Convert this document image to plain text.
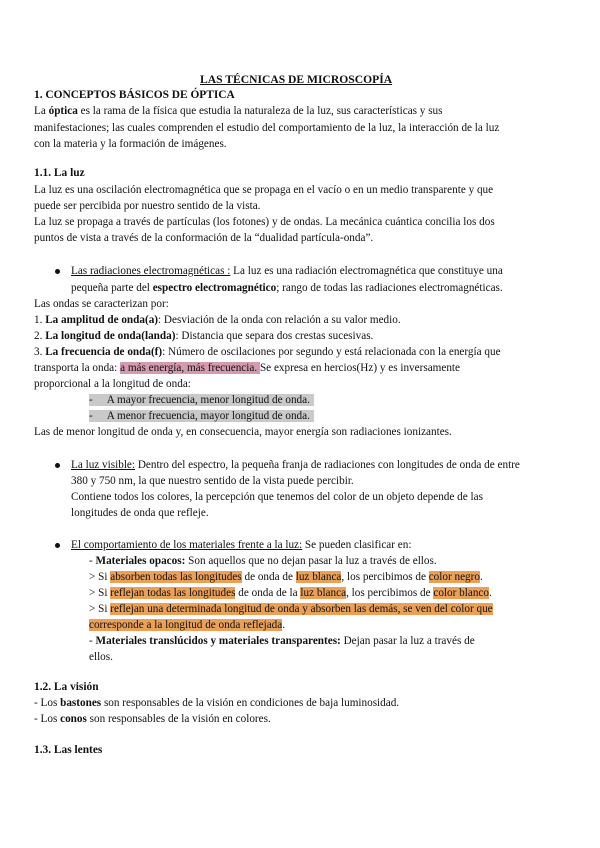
LAS TÉCNICAS DE MICROSCOPÍA
1. CONCEPTOS BÁSICOS DE ÓPTICA
La óptica es la rama de la física que estudia la naturaleza de la luz, sus características y sus
manifestaciones; las cuales comprenden el estudio del comportamiento de la luz, la interacción de la luz
con la materia y la formación de imágenes.
1.1. La luz
La luz es una oscilación electromagnética que se propaga en el vacío o en un medio transparente y que
puede ser percibida por nuestro sentido de la vista.
La luz se propaga a través de partículas (los fotones) y de ondas. La mecánica cuántica concilia los dos
puntos de vista a través de la conformación de la “dualidad partícula-onda”.
Las radiaciones electromagnéticas : La luz es una radiación electromagnética que constituye una
pequeña parte del espectro electromagnético; rango de todas las radiaciones electromagnéticas.
Las ondas se caracterizan por:
1. La amplitud de onda(a): Desviación de la onda con relación a su valor medio.
2. La longitud de onda(landa): Distancia que separa dos crestas sucesivas.
3. La frecuencia de onda(f): Número de oscilaciones por segundo y está relacionada con la energía que
transporta la onda: a más energía, más frecuencia. Se expresa en hercios(Hz) y es inversamente
proporcional a la longitud de onda:
- A mayor frecuencia, menor longitud de onda.
- A menor frecuencia, mayor longitud de onda.
Las de menor longitud de onda y, en consecuencia, mayor energía son radiaciones ionizantes.
La luz visible: Dentro del espectro, la pequeña franja de radiaciones con longitudes de onda de entre
380 y 750 nm, la que nuestro sentido de la vista puede percibir.
Contiene todos los colores, la percepción que tenemos del color de un objeto depende de las
longitudes de onda que refleje.
El comportamiento de los materiales frente a la luz: Se pueden clasificar en:
- Materiales opacos: Son aquellos que no dejan pasar la luz a través de ellos.
> Si absorben todas las longitudes de onda de luz blanca, los percibimos de color negro.
> Si reflejan todas las longitudes de onda de la luz blanca, los percibimos de color blanco.
> Si reflejan una determinada longitud de onda y absorben las demás, se ven del color que
corresponde a la longitud de onda reflejada.
- Materiales translúcidos y materiales transparentes: Dejan pasar la luz a través de
ellos.
1.2. La visión
- Los bastones son responsables de la visión en condiciones de baja luminosidad.
- Los conos son responsables de la visión en colores.
1.3. Las lentes
